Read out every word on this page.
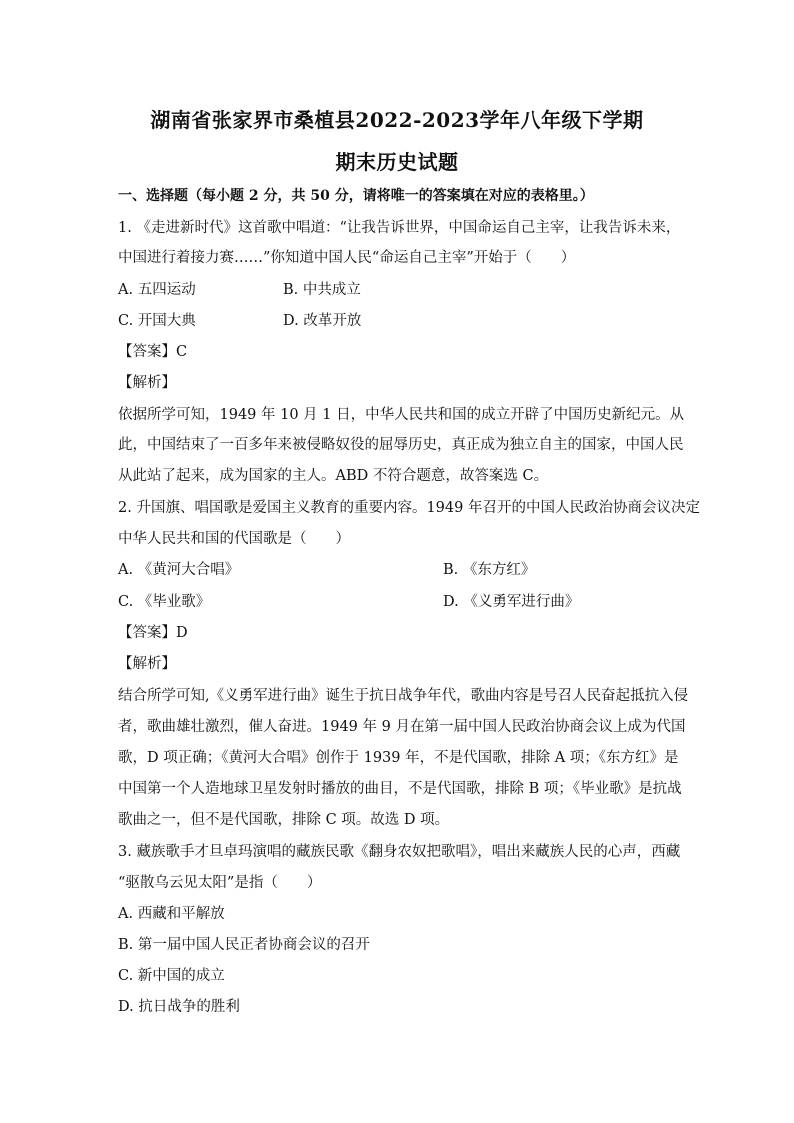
湖南省张家界市桑植县2022-2023学年八年级下学期
期末历史试题
一、选择题（每小题 2 分，共 50 分，请将唯一的答案填在对应的表格里。）
1. 《走进新时代》这首歌中唱道：“让我告诉世界，中国命运自己主宰，让我告诉未来，
中国进行着接力赛……”你知道中国人民“命运自己主宰”开始于（　　）
A. 五四运动	B. 中共成立
C. 开国大典	D. 改革开放
【答案】C
【解析】
依据所学可知，1949 年 10 月 1 日，中华人民共和国的成立开辟了中国历史新纪元。从
此，中国结束了一百多年来被侵略奴役的屈辱历史，真正成为独立自主的国家，中国人民
从此站了起来，成为国家的主人。ABD 不符合题意，故答案选 C。
2. 升国旗、唱国歌是爱国主义教育的重要内容。1949 年召开的中国人民政治协商会议决定
中华人民共和国的代国歌是（　　）
A. 《黄河大合唱》	B. 《东方红》
C. 《毕业歌》	D. 《义勇军进行曲》
【答案】D
【解析】
结合所学可知,《义勇军进行曲》诞生于抗日战争年代，歌曲内容是号召人民奋起抵抗入侵
者，歌曲雄壮激烈，催人奋进。1949 年 9 月在第一届中国人民政治协商会议上成为代国
歌，D 项正确；《黄河大合唱》创作于 1939 年，不是代国歌，排除 A 项；《东方红》是
中国第一个人造地球卫星发射时播放的曲目，不是代国歌，排除 B 项；《毕业歌》是抗战
歌曲之一，但不是代国歌，排除 C 项。故选 D 项。
3. 藏族歌手才旦卓玛演唱的藏族民歌《翻身农奴把歌唱》，唱出来藏族人民的心声，西藏
“驱散乌云见太阳”是指（　　）
A. 西藏和平解放
B. 第一届中国人民正者协商会议的召开
C. 新中国的成立
D. 抗日战争的胜利
